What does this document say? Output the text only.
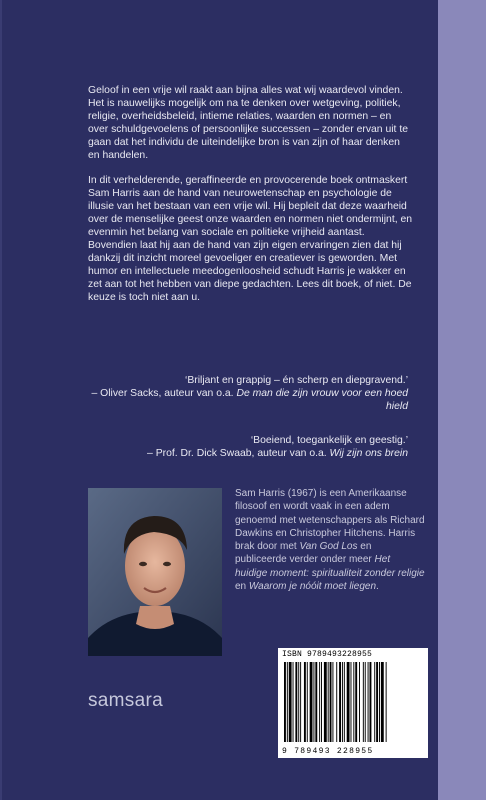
Geloof in een vrije wil raakt aan bijna alles wat wij waardevol vinden. Het is nauwelijks mogelijk om na te denken over wetgeving, politiek, religie, overheidsbeleid, intieme relaties, waarden en normen – en over schuldgevoelens of persoonlijke successen – zonder ervan uit te gaan dat het individu de uiteindelijke bron is van zijn of haar denken en handelen.

In dit verhelderende, geraffineerde en provocerende boek ontmaskert Sam Harris aan de hand van neurowetenschap en psychologie de illusie van het bestaan van een vrije wil. Hij bepleit dat deze waarheid over de menselijke geest onze waarden en normen niet ondermijnt, en evenmin het belang van sociale en politieke vrijheid aantast. Bovendien laat hij aan de hand van zijn eigen ervaringen zien dat hij dankzij dit inzicht moreel gevoeliger en creatiever is geworden. Met humor en intellectuele meedogenloosheid schudt Harris je wakker en zet aan tot het hebben van diepe gedachten. Lees dit boek, of niet. De keuze is toch niet aan u.

‘Briljant en grappig – én scherp en diepgravend.’
– Oliver Sacks, auteur van o.a. De man die zijn vrouw voor een hoed hield
‘Boeiend, toegankelijk en geestig.’
– Prof. Dr. Dick Swaab, auteur van o.a. Wij zijn ons brein
Sam Harris (1967) is een Amerikaanse filosoof en wordt vaak in een adem genoemd met wetenschappers als Richard Dawkins en Christopher Hitchens. Harris brak door met Van God Los en publiceerde verder onder meer Het huidige moment: spiritualiteit zonder religie en Waarom je nóóit moet liegen.
ISBN 9789493228955
9 789493 228955
samsara
